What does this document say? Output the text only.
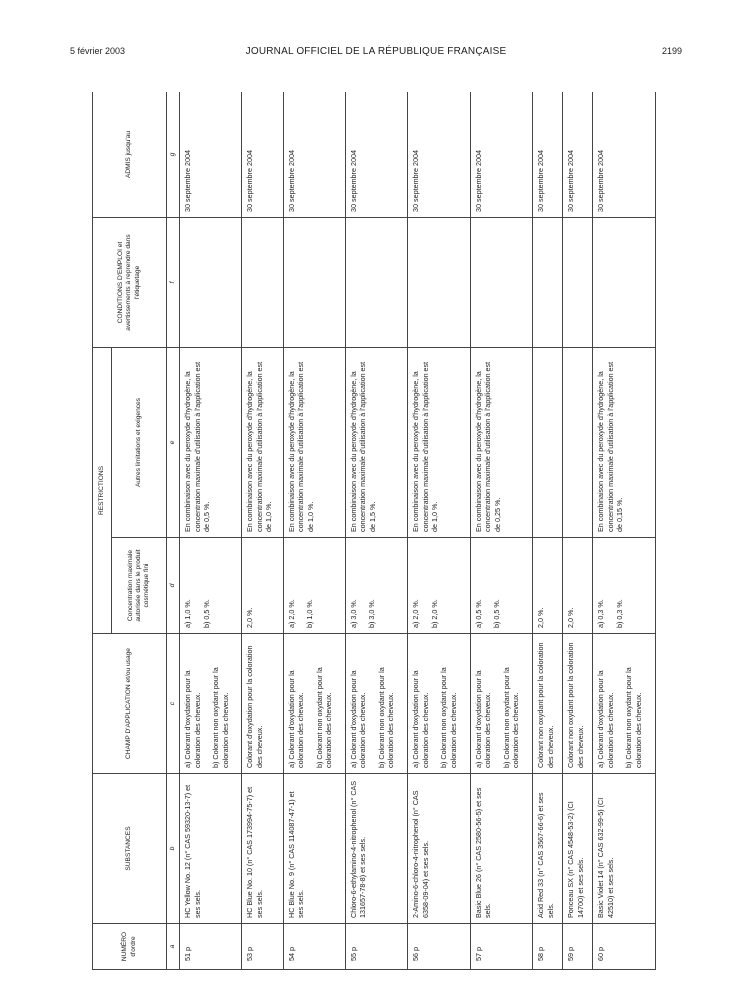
5 février 2003	JOURNAL OFFICIEL DE LA RÉPUBLIQUE FRANÇAISE	2199
NUMÉRO d'ordre	SUBSTANCES	CHAMP D'APPLICATION et/ou usage	RESTRICTIONS		CONDITIONS D'EMPLOI et avertissements à reprendre dans l'étiquetage	ADMIS jusqu'au
			Concentration maximale autorisée dans le produit cosmétique fini	Autres limitations et exigences		
a	b	c	d	e	f	g
51 p	HC Yellow No. 12 (n° CAS 59320-13-7) et ses sels.	a) Colorant d'oxydation pour la coloration des cheveux. b) Colorant non oxydant pour la coloration des cheveux.	a) 1,0 %. b) 0,5 %.	En combinaison avec du peroxyde d'hydrogène, la concentration maximale d'utilisation à l'application est de 0,5 %.		30 septembre 2004
53 p	HC Blue No. 10 (n° CAS 173994-75-7) et ses sels.	Colorant d'oxydation pour la coloration des cheveux.	2,0 %.	En combinaison avec du peroxyde d'hydrogène, la concentration maximale d'utilisation à l'application est de 1,0 %.		30 septembre 2004
54 p	HC Blue No. 9 (n° CAS 114087-47-1) et ses sels.	a) Colorant d'oxydation pour la coloration des cheveux. b) Colorant non oxydant pour la coloration des cheveux.	a) 2,0 %. b) 1,0 %.	En combinaison avec du peroxyde d'hydrogène, la concentration maximale d'utilisation à l'application est de 1,0 %.		30 septembre 2004
55 p	Chloro-6-ethylamino-4-nitrophenol (n° CAS 131657-78-8) et ses sels.	a) Colorant d'oxydation pour la coloration des cheveux. b) Colorant non oxydant pour la coloration des cheveux.	a) 3,0 %. b) 3,0 %.	En combinaison avec du peroxyde d'hydrogène, la concentration maximale d'utilisation à l'application est de 1,5 %.		30 septembre 2004
56 p	2-Amino-6-chloro-4-nitrophenol (n° CAS 6358-09-04) et ses sels.	a) Colorant d'oxydation pour la coloration des cheveux. b) Colorant non oxydant pour la coloration des cheveux.	a) 2,0 %. b) 2,0 %.	En combinaison avec du peroxyde d'hydrogène, la concentration maximale d'utilisation à l'application est de 1,0 %.		30 septembre 2004
57 p	Basic Blue 26 (n° CAS 2580-56-5) et ses sels.	a) Colorant d'oxydation pour la coloration des cheveux. b) Colorant non oxydant pour la coloration des cheveux.	a) 0,5 %. b) 0,5 %.	En combinaison avec du peroxyde d'hydrogène, la concentration maximale d'utilisation à l'application est de 0,25 %.		30 septembre 2004
58 p	Acid Red 33 (n° CAS 3567-66-6) et ses sels.	Colorant non oxydant pour la coloration des cheveux.	2,0 %.			30 septembre 2004
59 p	Ponceau SX (n° CAS 4548-53-2) (CI 14700) et ses sels.	Colorant non oxydant pour la coloration des cheveux.	2,0 %.			30 septembre 2004
60 p	Basic Violet 14 (n° CAS 632-99-5) (CI 42510) et ses sels.	a) Colorant d'oxydation pour la coloration des cheveux. b) Colorant non oxydant pour la coloration des cheveux.	a) 0,3 %. b) 0,3 %.	En combinaison avec du peroxyde d'hydrogène, la concentration maximale d'utilisation à l'application est de 0,15 %.		30 septembre 2004
